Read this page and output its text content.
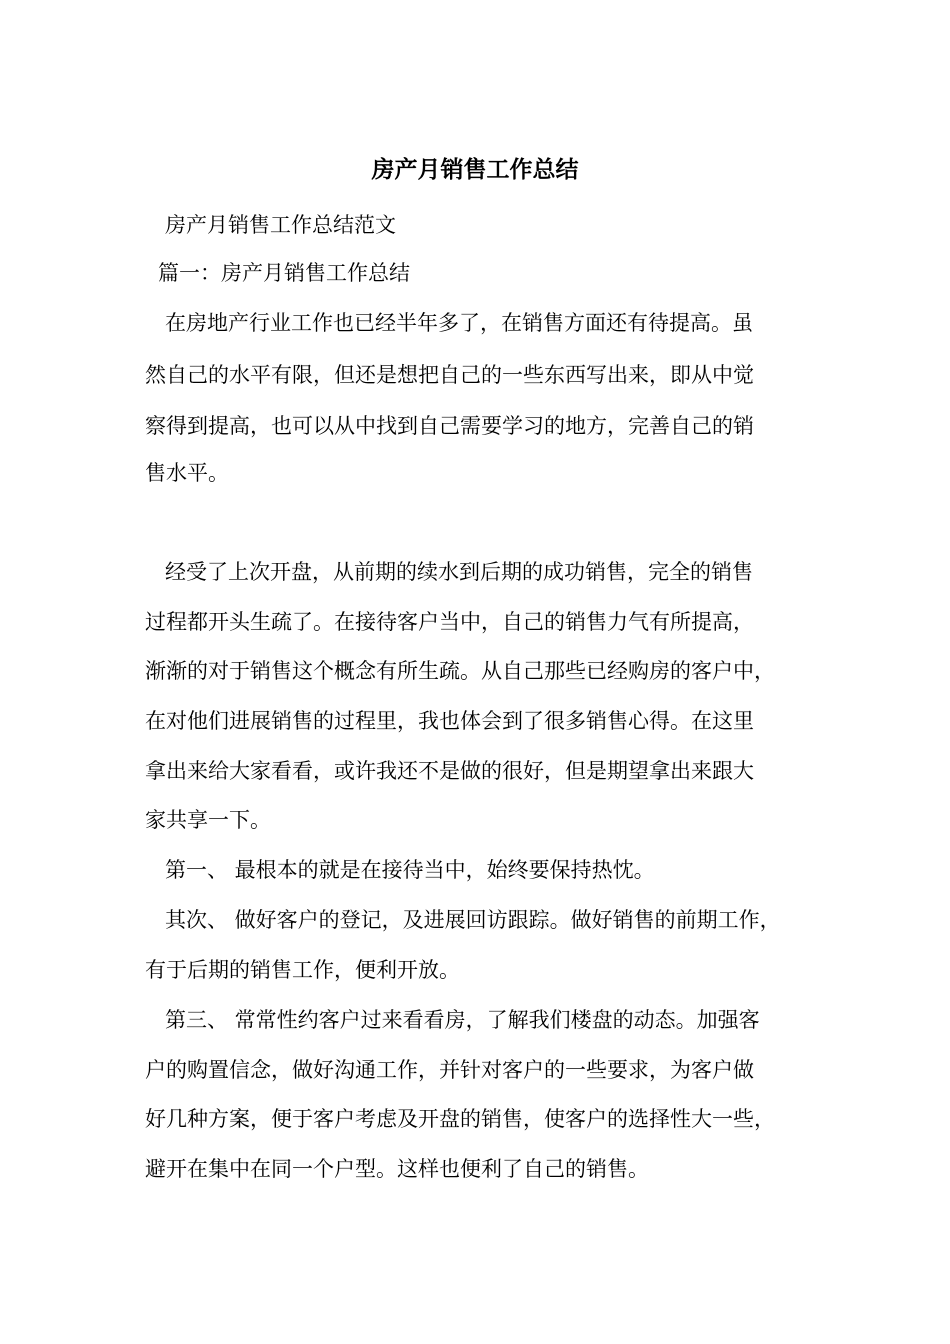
房产月销售工作总结
房产月销售工作总结范文
篇一：房产月销售工作总结
在房地产行业工作也已经半年多了，在销售方面还有待提高。虽
然自己的水平有限，但还是想把自己的一些东西写出来，即从中觉
察得到提高，也可以从中找到自己需要学习的地方，完善自己的销
售水平。
经受了上次开盘，从前期的续水到后期的成功销售，完全的销售
过程都开头生疏了。在接待客户当中，自己的销售力气有所提高，
渐渐的对于销售这个概念有所生疏。从自己那些已经购房的客户中，
在对他们进展销售的过程里，我也体会到了很多销售心得。在这里
拿出来给大家看看，或许我还不是做的很好，但是期望拿出来跟大
家共享一下。
第一、 最根本的就是在接待当中，始终要保持热忱。
其次、 做好客户的登记，及进展回访跟踪。做好销售的前期工作，
有于后期的销售工作，便利开放。
第三、 常常性约客户过来看看房，了解我们楼盘的动态。加强客
户的购置信念，做好沟通工作，并针对客户的一些要求，为客户做
好几种方案，便于客户考虑及开盘的销售，使客户的选择性大一些，
避开在集中在同一个户型。这样也便利了自己的销售。
